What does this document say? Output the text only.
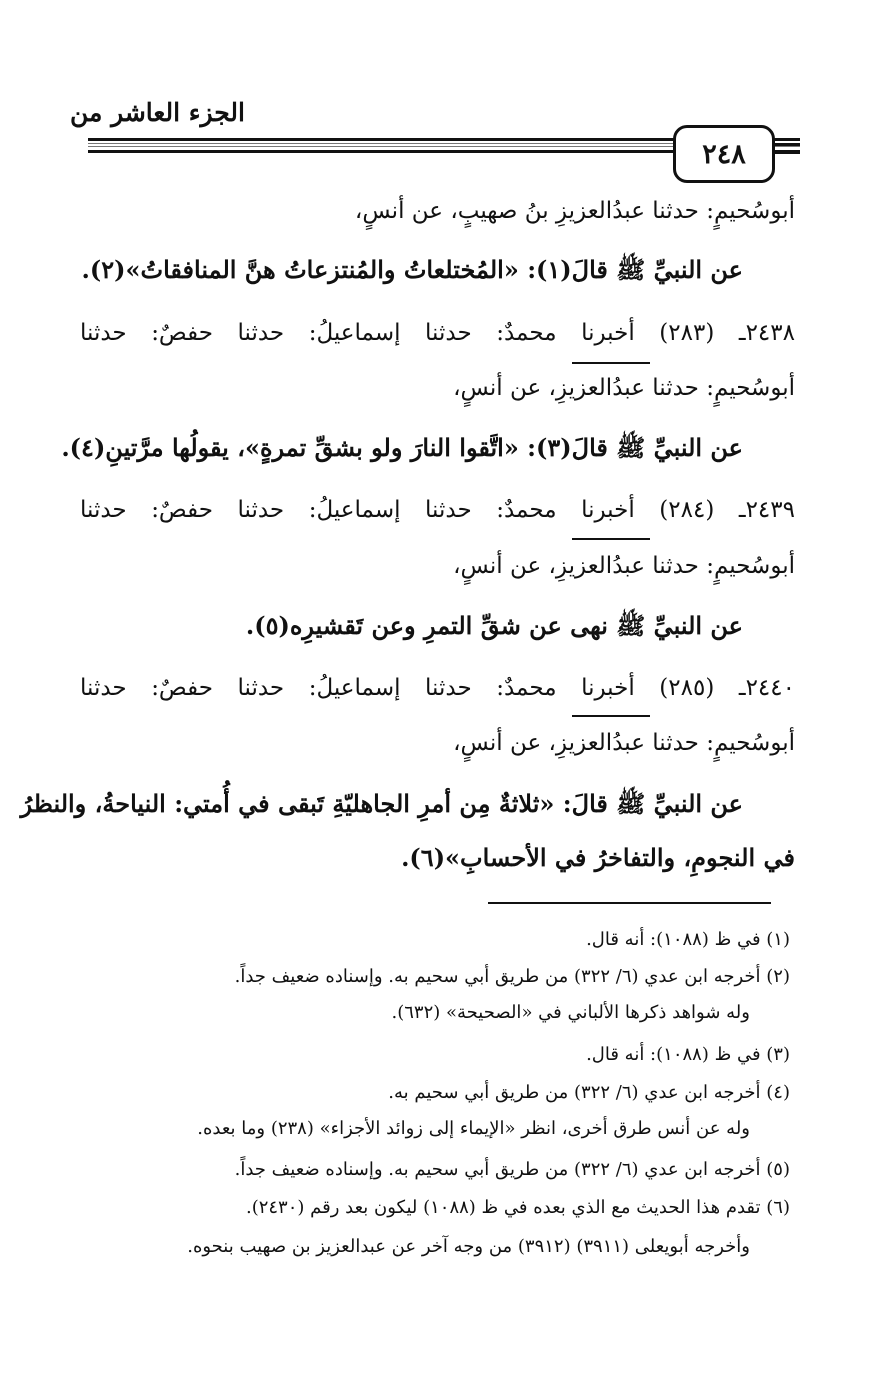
الجزء العاشر من
٢٤٨
أبوسُحيمٍ: حدثنا عبدُالعزيزِ بنُ صهيبٍ، عن أنسٍ،
عن النبيِّ ﷺ قالَ(١): «المُختلعاتُ والمُنتزعاتُ هنَّ المنافقاتُ»(٢).
٢٤٣٨ـ (٢٨٣) أخبرنا محمدٌ: حدثنا إسماعيلُ: حدثنا حفصٌ: حدثنا
أبوسُحيمٍ: حدثنا عبدُالعزيزِ، عن أنسٍ،
عن النبيِّ ﷺ قالَ(٣): «اتَّقوا النارَ ولو بشقِّ تمرةٍ»، يقولُها مرَّتينِ(٤).
٢٤٣٩ـ (٢٨٤) أخبرنا محمدٌ: حدثنا إسماعيلُ: حدثنا حفصٌ: حدثنا
أبوسُحيمٍ: حدثنا عبدُالعزيزِ، عن أنسٍ،
عن النبيِّ ﷺ نهى عن شقِّ التمرِ وعن تَقشيرِه(٥).
٢٤٤٠ـ (٢٨٥) أخبرنا محمدٌ: حدثنا إسماعيلُ: حدثنا حفصٌ: حدثنا
أبوسُحيمٍ: حدثنا عبدُالعزيزِ، عن أنسٍ،
عن النبيِّ ﷺ قالَ: «ثلاثةٌ مِن أمرِ الجاهليّةِ تَبقى في أُمتي: النياحةُ، والنظرُ
في النجومِ، والتفاخرُ في الأحسابِ»(٦).
(١) في ظ (١٠٨٨): أنه قال.
(٢) أخرجه ابن عدي (٦/ ٣٢٢) من طريق أبي سحيم به. وإسناده ضعيف جداً.
وله شواهد ذكرها الألباني في «الصحيحة» (٦٣٢).
(٣) في ظ (١٠٨٨): أنه قال.
(٤) أخرجه ابن عدي (٦/ ٣٢٢) من طريق أبي سحيم به.
وله عن أنس طرق أخرى، انظر «الإيماء إلى زوائد الأجزاء» (٢٣٨) وما بعده.
(٥) أخرجه ابن عدي (٦/ ٣٢٢) من طريق أبي سحيم به. وإسناده ضعيف جداً.
(٦) تقدم هذا الحديث مع الذي بعده في ظ (١٠٨٨) ليكون بعد رقم (٢٤٣٠).
وأخرجه أبويعلى (٣٩١١) (٣٩١٢) من وجه آخر عن عبدالعزيز بن صهيب بنحوه.
